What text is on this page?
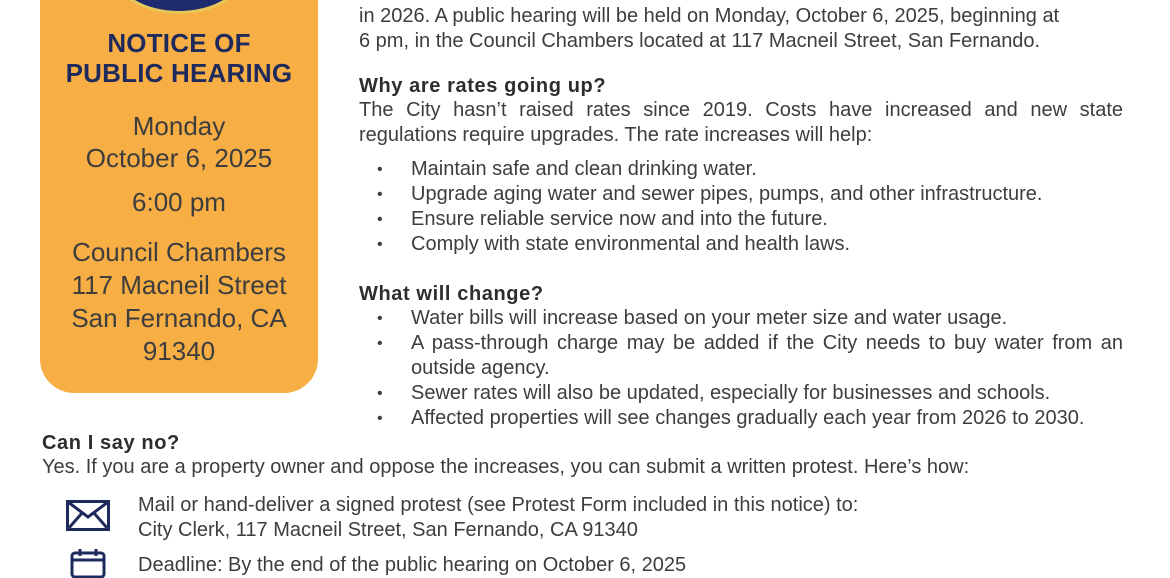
NOTICE OF
PUBLIC HEARING
Monday
October 6, 2025
6:00 pm
Council Chambers
117 Macneil Street
San Fernando, CA
91340
in 2026. A public hearing will be held on Monday, October 6, 2025, beginning at
6 pm, in the Council Chambers located at 117 Macneil Street, San Fernando.
Why are rates going up?

The City hasn’t raised rates since 2019. Costs have increased and new state regulations require upgrades. The rate increases will help:

• Maintain safe and clean drinking water.
• Upgrade aging water and sewer pipes, pumps, and other infrastructure.
• Ensure reliable service now and into the future.
• Comply with state environmental and health laws.
What will change?
• Water bills will increase based on your meter size and water usage.
• A pass-through charge may be added if the City needs to buy water from an outside agency.
• Sewer rates will also be updated, especially for businesses and schools.
• Affected properties will see changes gradually each year from 2026 to 2030.
Can I say no?
Yes. If you are a property owner and oppose the increases, you can submit a written protest. Here’s how:
Mail or hand-deliver a signed protest (see Protest Form included in this notice) to:
City Clerk, 117 Macneil Street, San Fernando, CA 91340
Deadline: By the end of the public hearing on October 6, 2025
